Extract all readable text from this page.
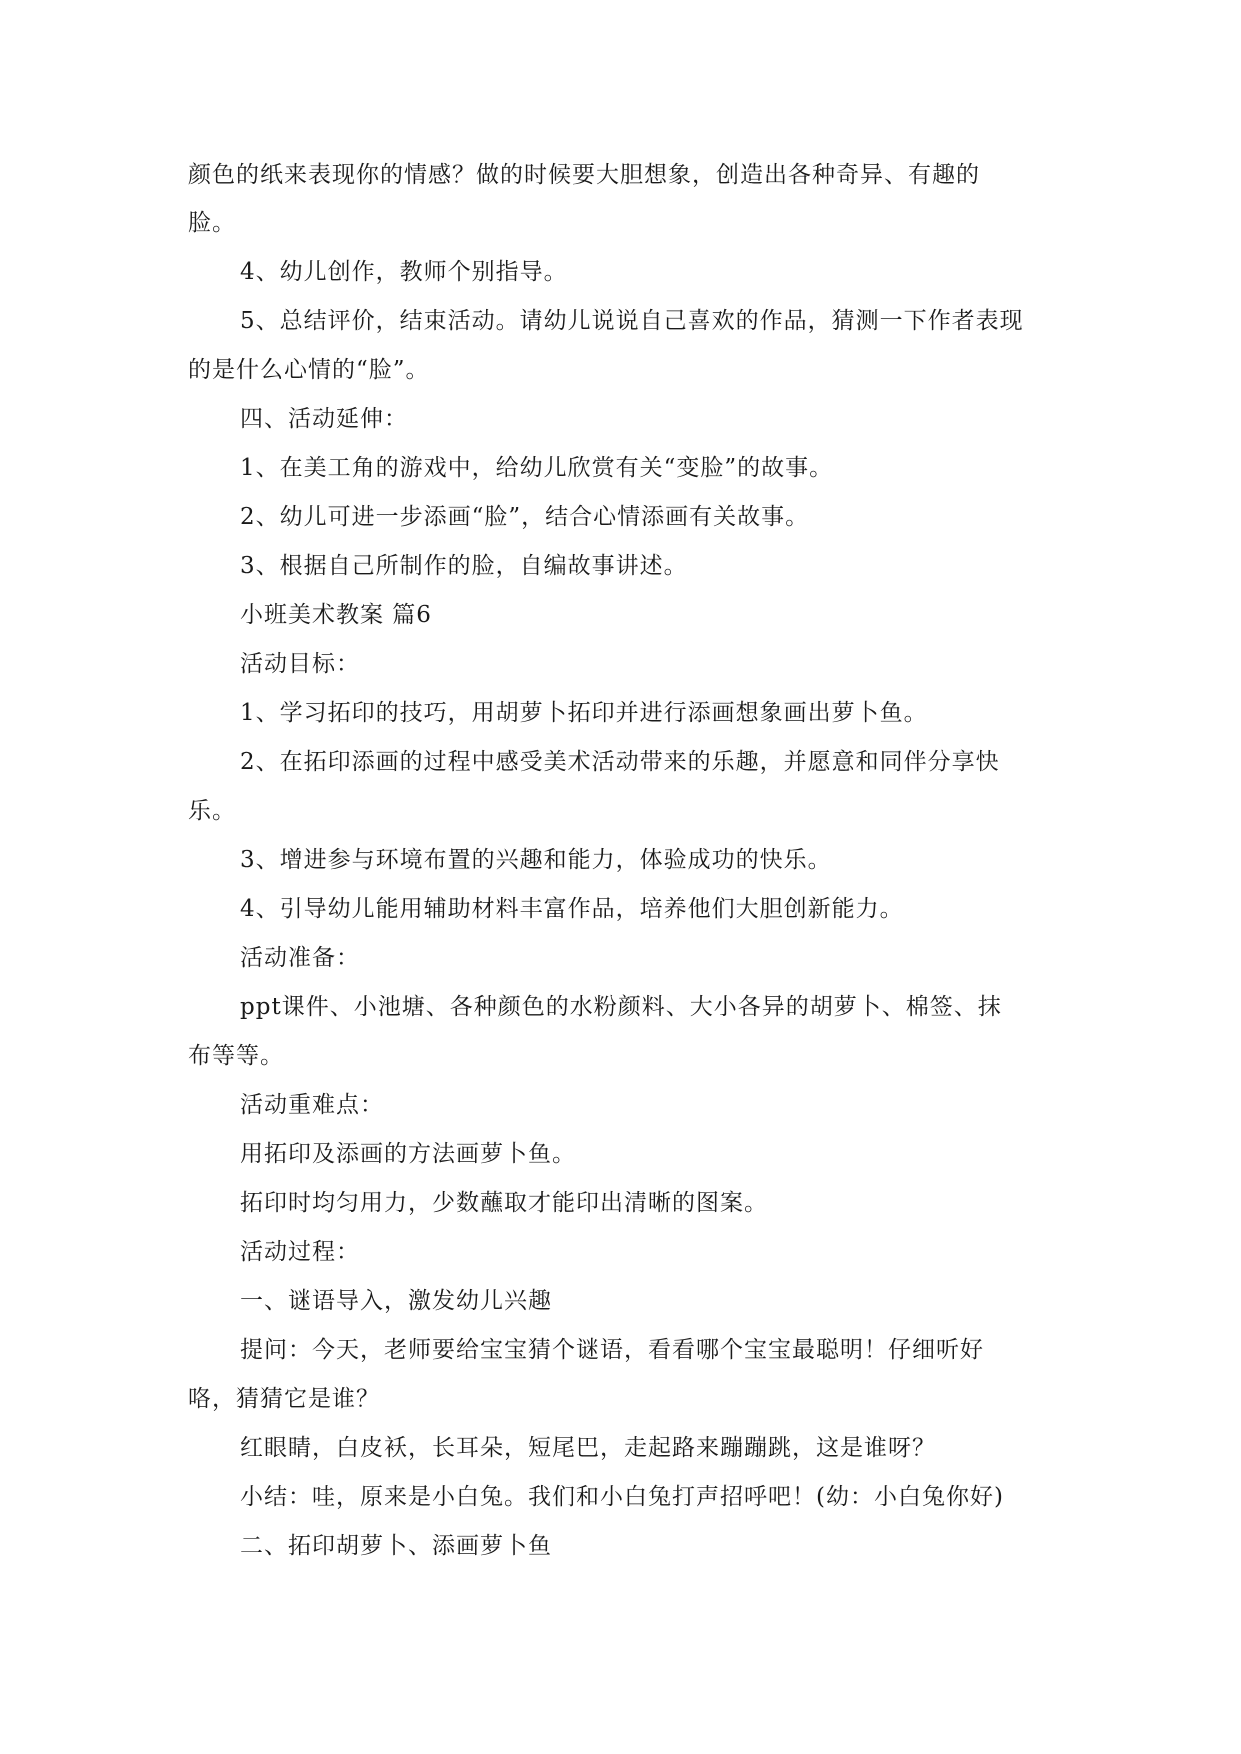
颜色的纸来表现你的情感？做的时候要大胆想象，创造出各种奇异、有趣的
脸。
4、幼儿创作，教师个别指导。
5、总结评价，结束活动。请幼儿说说自己喜欢的作品，猜测一下作者表现
的是什么心情的“脸”。
四、活动延伸：
1、在美工角的游戏中，给幼儿欣赏有关“变脸”的故事。
2、幼儿可进一步添画“脸”，结合心情添画有关故事。
3、根据自己所制作的脸，自编故事讲述。
小班美术教案 篇6
活动目标：
1、学习拓印的技巧，用胡萝卜拓印并进行添画想象画出萝卜鱼。
2、在拓印添画的过程中感受美术活动带来的乐趣，并愿意和同伴分享快
乐。
3、增进参与环境布置的兴趣和能力，体验成功的快乐。
4、引导幼儿能用辅助材料丰富作品，培养他们大胆创新能力。
活动准备：
ppt课件、小池塘、各种颜色的水粉颜料、大小各异的胡萝卜、棉签、抹
布等等。
活动重难点：
用拓印及添画的方法画萝卜鱼。
拓印时均匀用力，少数蘸取才能印出清晰的图案。
活动过程：
一、谜语导入，激发幼儿兴趣
提问：今天，老师要给宝宝猜个谜语，看看哪个宝宝最聪明！仔细听好
咯，猜猜它是谁？
红眼睛，白皮袄，长耳朵，短尾巴，走起路来蹦蹦跳，这是谁呀？
小结：哇，原来是小白兔。我们和小白兔打声招呼吧！(幼：小白兔你好)
二、拓印胡萝卜、添画萝卜鱼
